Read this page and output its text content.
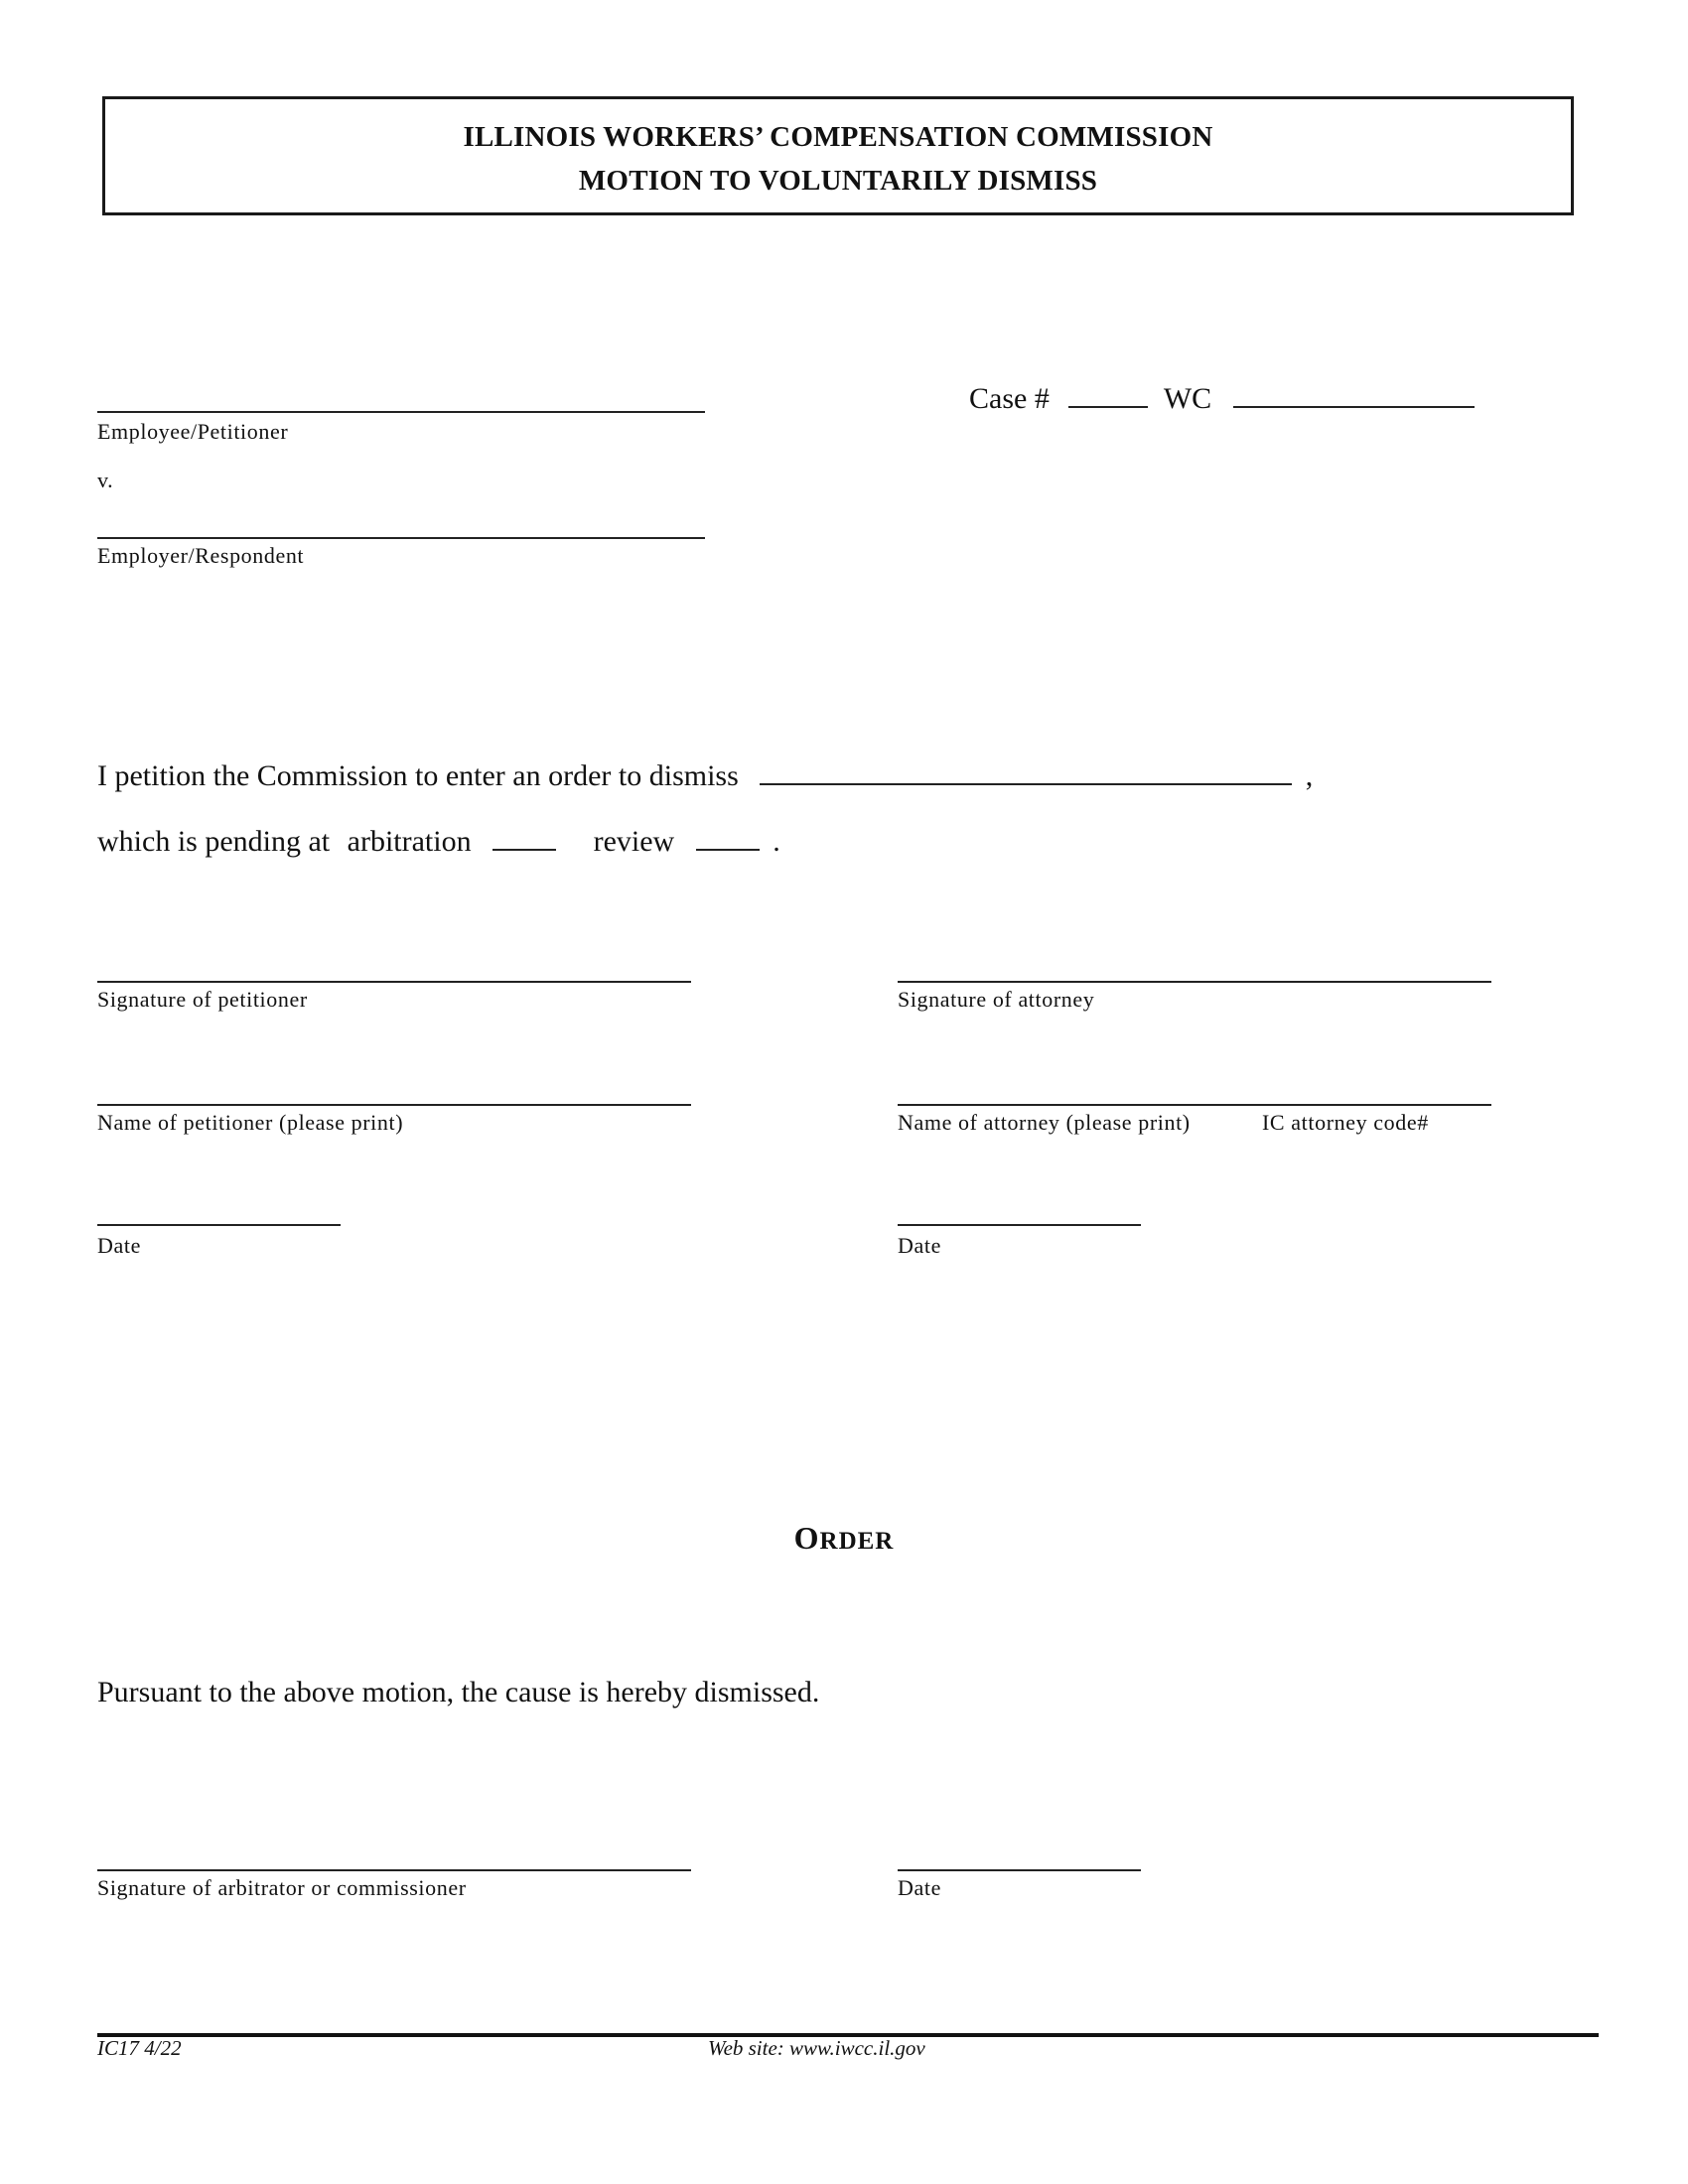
ILLINOIS WORKERS’ COMPENSATION COMMISSION
MOTION TO VOLUNTARILY DISMISS
Employee/Petitioner
v.
Employer/Respondent
Case #	WC
I petition the Commission to enter an order to dismiss	,
which is pending at arbitration	review	.
Signature of petitioner	Signature of attorney
Name of petitioner (please print)	Name of attorney (please print)	IC attorney code#
Date	Date
ORDER
Pursuant to the above motion, the cause is hereby dismissed.
Signature of arbitrator or commissioner	Date
IC17 4/22	Web site: www.iwcc.il.gov
